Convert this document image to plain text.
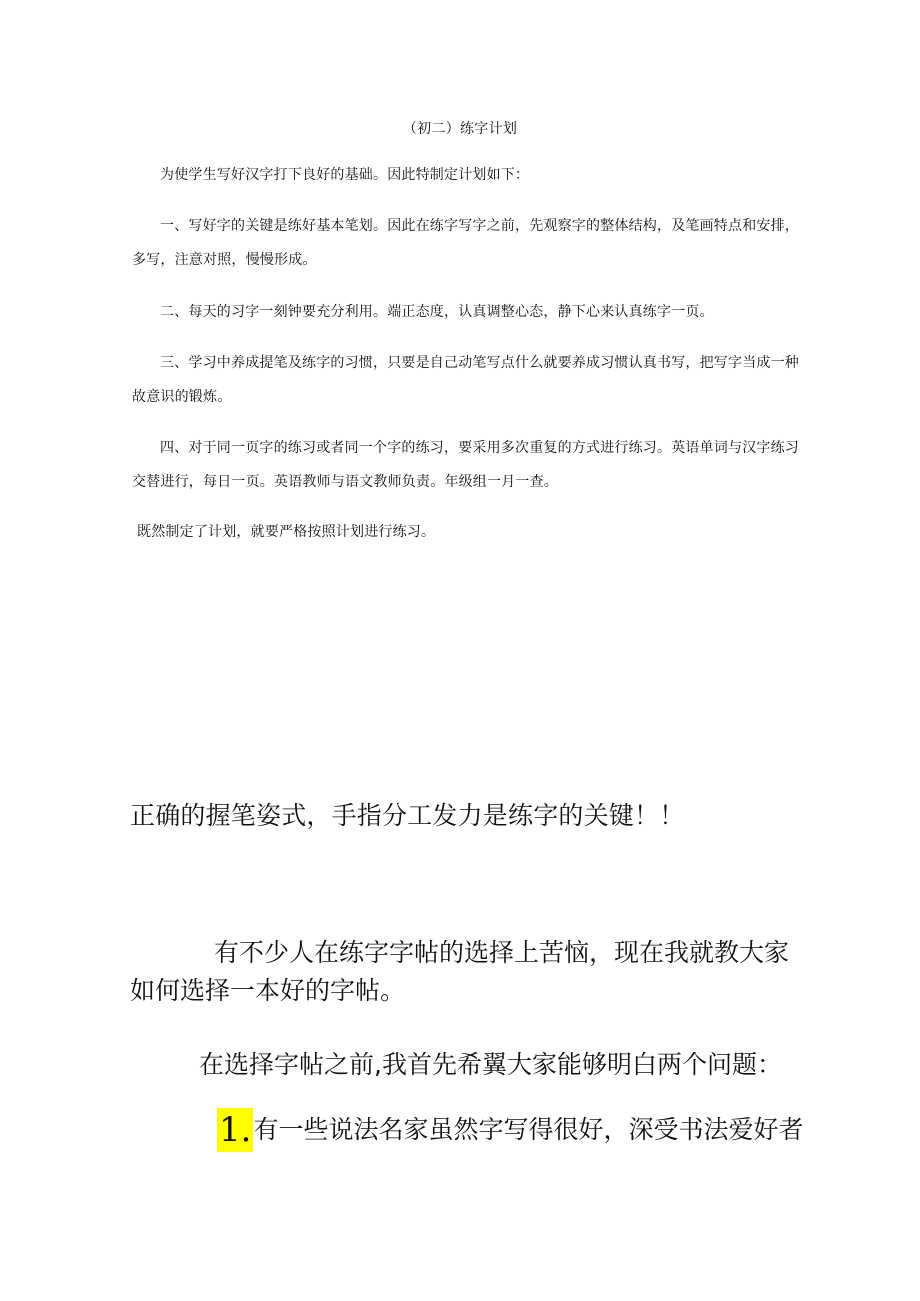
（初二）练字计划
为使学生写好汉字打下良好的基础。因此特制定计划如下：
一、写好字的关键是练好基本笔划。因此在练字写字之前，先观察字的整体结构，及笔画特点和安排，多写，注意对照，慢慢形成。
二、每天的习字一刻钟要充分利用。端正态度，认真调整心态，静下心来认真练字一页。
三、学习中养成提笔及练字的习惯，只要是自己动笔写点什么就要养成习惯认真书写，把写字当成一种故意识的锻炼。
四、对于同一页字的练习或者同一个字的练习，要采用多次重复的方式进行练习。英语单词与汉字练习交替进行，每日一页。英语教师与语文教师负责。年级组一月一查。
既然制定了计划，就要严格按照计划进行练习。
正确的握笔姿式，手指分工发力是练字的关键！！
有不少人在练字字帖的选择上苦恼，现在我就教大家如何选择一本好的字帖。
在选择字帖之前,我首先希翼大家能够明白两个问题：
1.有一些说法名家虽然字写得很好，深受书法爱好者
